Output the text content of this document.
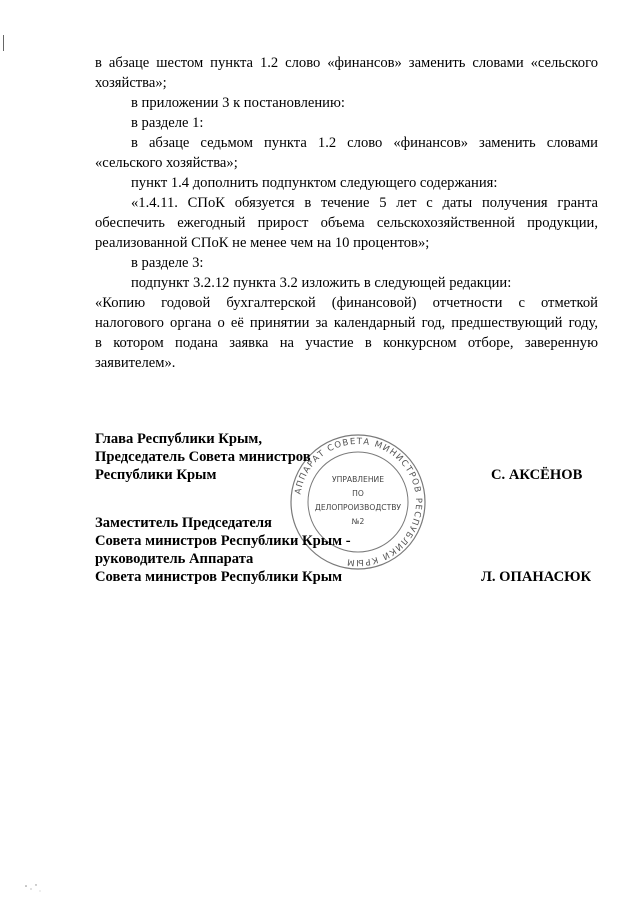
в абзаце шестом пункта 1.2 слово «финансов» заменить словами «сельского
хозяйства»;
в приложении 3 к постановлению:
в разделе 1:
в абзаце седьмом пункта 1.2 слово «финансов» заменить словами
«сельского хозяйства»;
пункт 1.4 дополнить подпунктом следующего содержания:
«1.4.11. СПоК обязуется в течение 5 лет с даты получения гранта
обеспечить ежегодный прирост объема сельскохозяйственной продукции,
реализованной СПоК не менее чем на 10 процентов»;
в разделе 3:
подпункт 3.2.12 пункта 3.2 изложить в следующей редакции:
«Копию годовой бухгалтерской (финансовой) отчетности с отметкой
налогового органа о её принятии за календарный год, предшествующий году,
в котором подана заявка на участие в конкурсном отборе, заверенную
заявителем».
АППАРАТ СОВЕТА МИНИСТРОВ РЕСПУБЛИКИ КРЫМ
УПРАВЛЕНИЕ
ПО
ДЕЛОПРОИЗВОДСТВУ
№2
Глава Республики Крым,
Председатель Совета министров
Республики Крым	С. АКСЁНОВ
Заместитель Председателя
Совета министров Республики Крым -
руководитель Аппарата
Совета министров Республики Крым	Л. ОПАНАСЮК
